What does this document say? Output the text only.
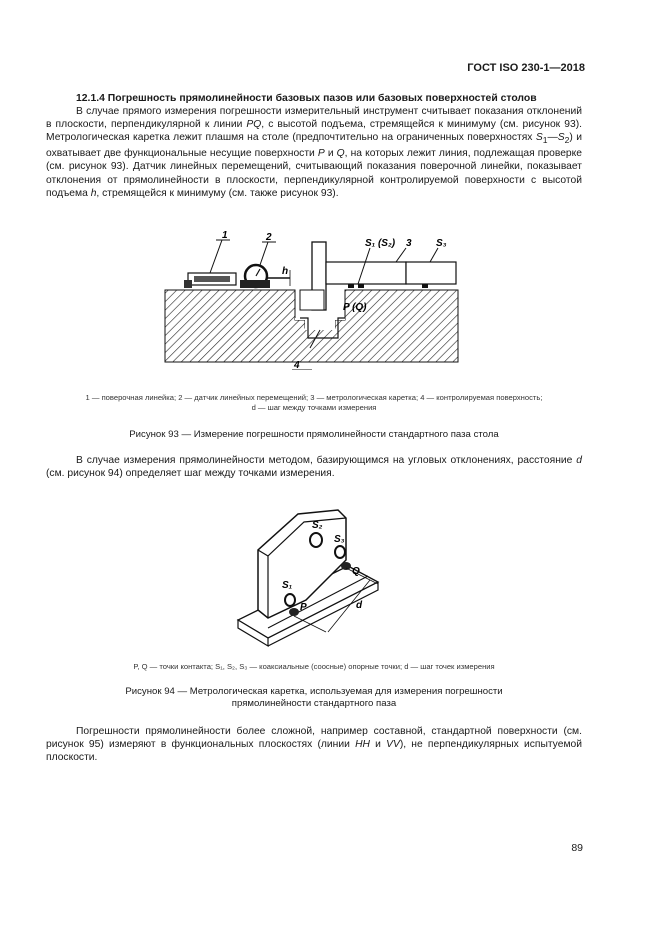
ГОСТ ISO 230-1—2018
12.1.4 Погрешность прямолинейности базовых пазов или базовых поверхностей столов
В случае прямого измерения погрешности измерительный инструмент считывает показания отклонений в плоскости, перпендикулярной к линии PQ, с высотой подъема, стремящейся к минимуму (см. рисунок 93). Метрологическая каретка лежит плашмя на столе (предпочтительно на ограниченных поверхностях $S_1—S_2$) и охватывает две функциональные несущие поверхности P и Q, на которых лежит линия, подлежащая проверке (см. рисунок 93). Датчик линейных перемещений, считывающий показания поверочной линейки, показывает отклонения от прямолинейности в плоскости, перпендикулярной контролируемой поверхности с высотой подъема h, стремящейся к минимуму (см. также рисунок 93).
1	2
3
4
S₁ (S₂)	S₃
P (Q)
h
1 — поверочная линейка; 2 — датчик линейных перемещений; 3 — метрологическая каретка; 4 — контролируемая поверхность;
d — шаг между точками измерения
Рисунок 93 — Измерение погрешности прямолинейности стандартного паза стола
В случае измерения прямолинейности методом, базирующимся на угловых отклонениях, расстояние d (см. рисунок 94) определяет шаг между точками измерения.
S₂
S₃
S₁
P
Q
d
P, Q — точки контакта; S₁, S₂, S₃ — коаксиальные (соосные) опорные точки; d — шаг точек измерения
Рисунок 94 — Метрологическая каретка, используемая для измерения погрешности
прямолинейности стандартного паза
Погрешности прямолинейности более сложной, например составной, стандартной поверхности (см. рисунок 95) измеряют в функциональных плоскостях (линии HH и VV), не перпендикулярных испытуемой плоскости.
89
